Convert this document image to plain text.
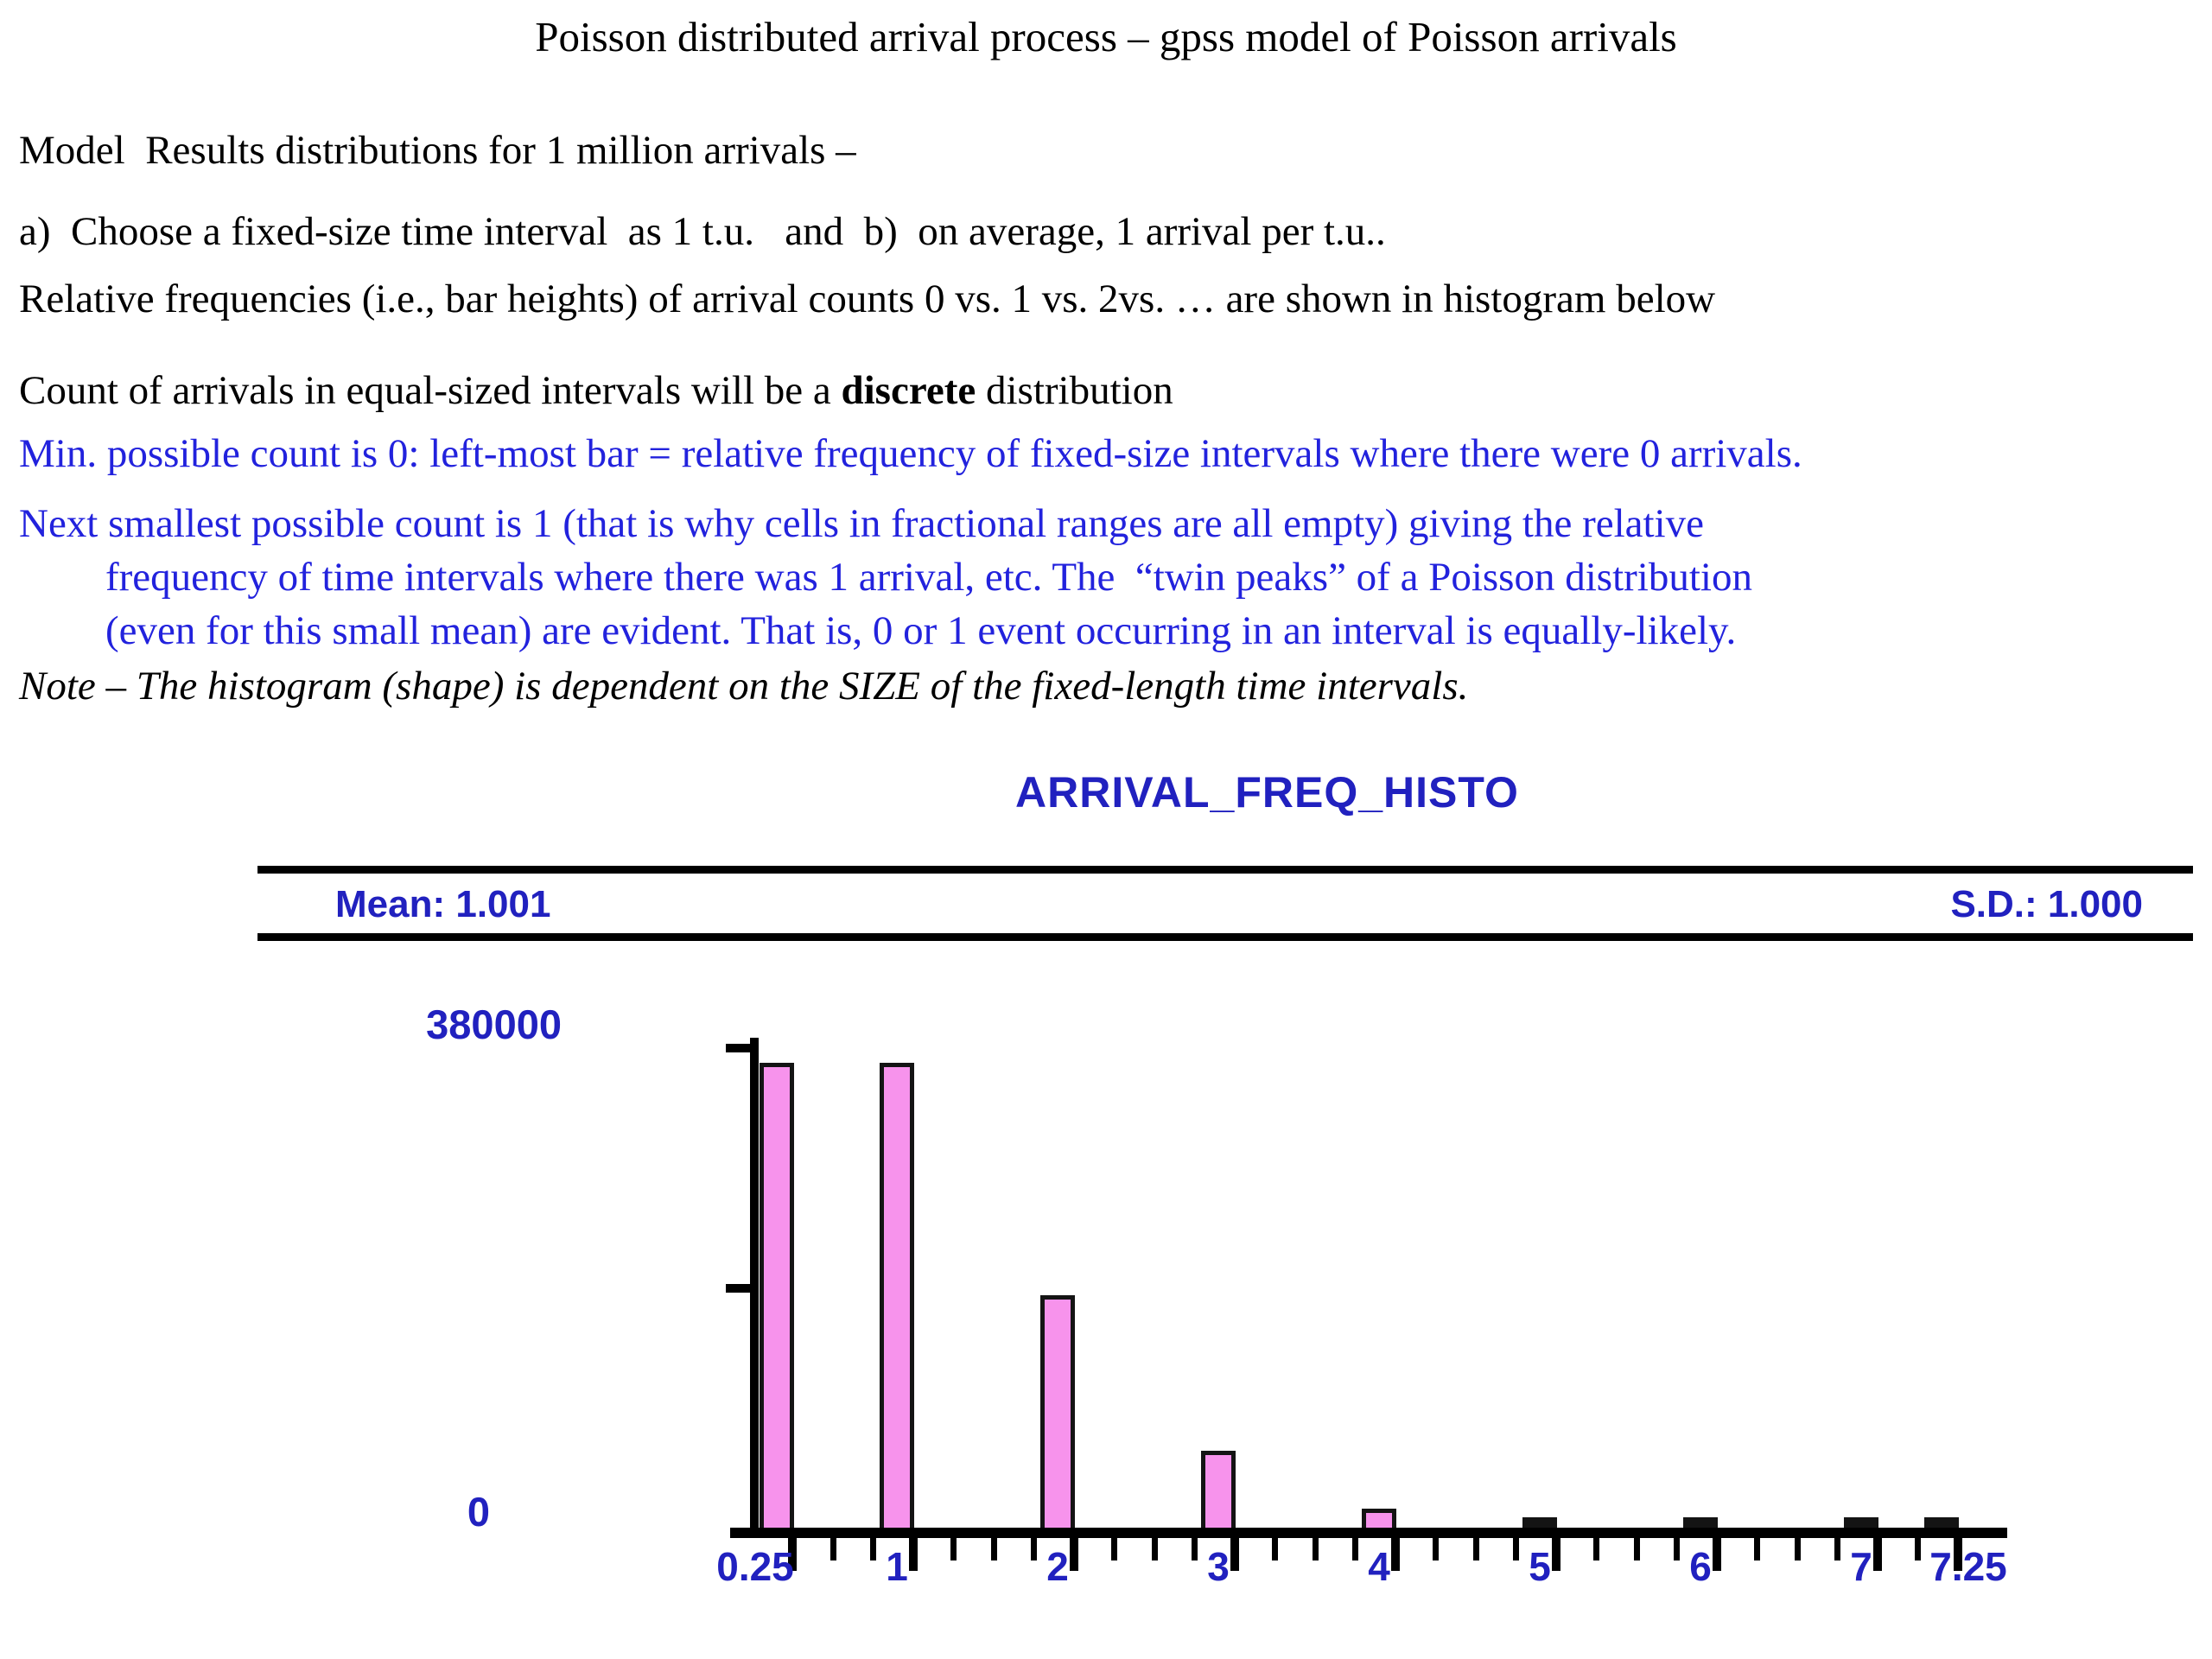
Poisson distributed arrival process – gpss model of Poisson arrivals
Model  Results distributions for 1 million arrivals –
a)  Choose a fixed-size time interval  as 1 t.u.   and  b)  on average, 1 arrival per t.u..
Relative frequencies (i.e., bar heights) of arrival counts 0 vs. 1 vs. 2vs. … are shown in histogram below
Count of arrivals in equal-sized intervals will be a discrete distribution
Min. possible count is 0: left-most bar = relative frequency of fixed-size intervals where there were 0 arrivals.
Next smallest possible count is 1 (that is why cells in fractional ranges are all empty) giving the relative
frequency of time intervals where there was 1 arrival, etc. The  “twin peaks” of a Poisson distribution
(even for this small mean) are evident. That is, 0 or 1 event occurring in an interval is equally-likely.
Note – The histogram (shape) is dependent on the SIZE of the fixed-length time intervals.
ARRIVAL_FREQ_HISTO
Mean: 1.001	S.D.: 1.000
380000
0
0.25 1	2	3	4	5	6	7 7.25
